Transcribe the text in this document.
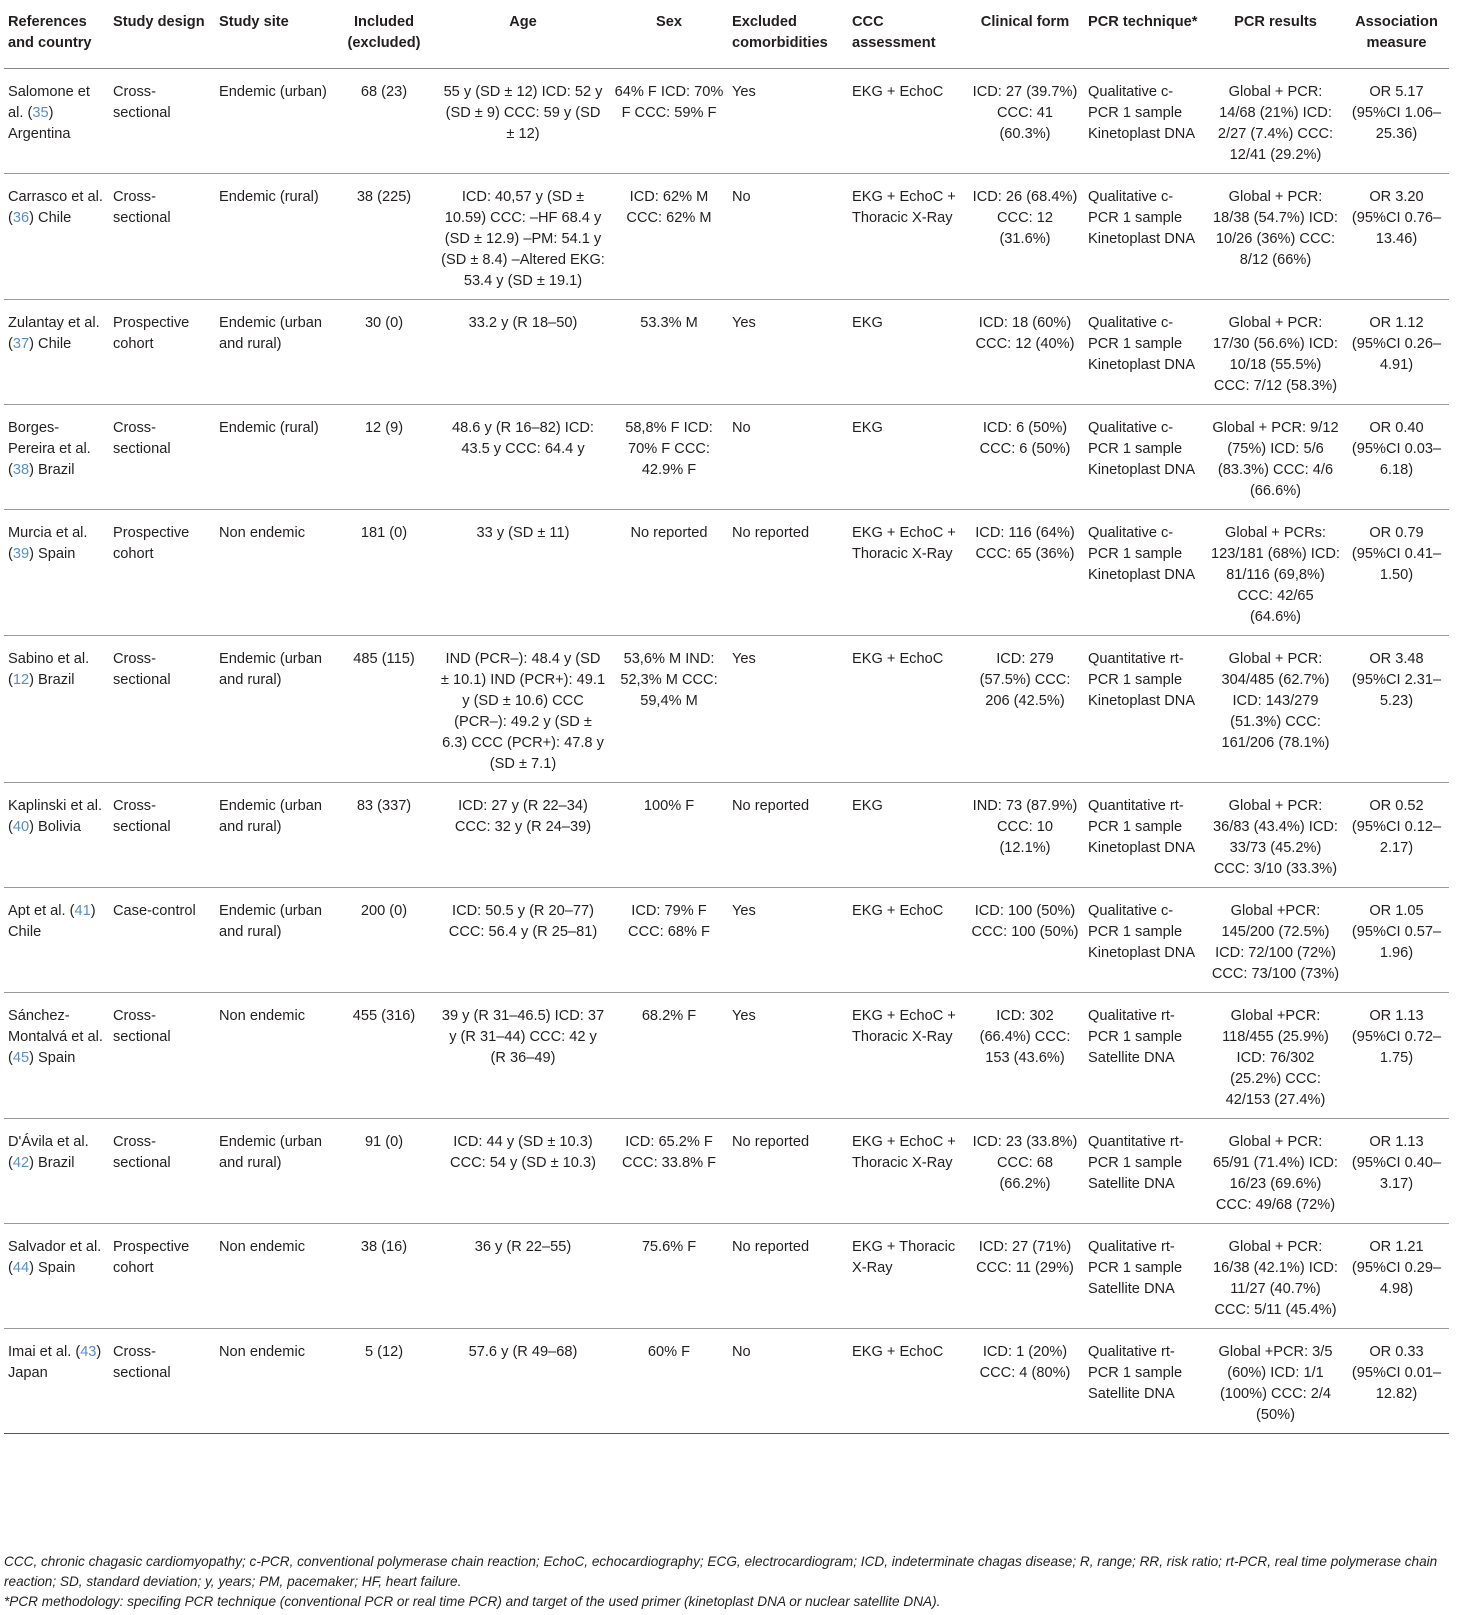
References and country	Study design	Study site	Included (excluded)	Age	Sex	Excluded comorbidities	CCC assessment	Clinical form	PCR technique*	PCR results	Association measure
Salomone et al. (35) Argentina	Cross-sectional	Endemic (urban)	68 (23)	55 y (SD ± 12) ICD: 52 y (SD ± 9) CCC: 59 y (SD ± 12)	64% F ICD: 70% F CCC: 59% F	Yes	EKG + EchoC	ICD: 27 (39.7%) CCC: 41 (60.3%)	Qualitative c-PCR 1 sample Kinetoplast DNA	Global + PCR: 14/68 (21%) ICD: 2/27 (7.4%) CCC: 12/41 (29.2%)	OR 5.17 (95%CI 1.06–25.36)
Carrasco et al. (36) Chile	Cross-sectional	Endemic (rural)	38 (225)	ICD: 40,57 y (SD ± 10.59) CCC: –HF 68.4 y (SD ± 12.9) –PM: 54.1 y (SD ± 8.4) –Altered EKG: 53.4 y (SD ± 19.1)	ICD: 62% M CCC: 62% M	No	EKG + EchoC + Thoracic X-Ray	ICD: 26 (68.4%) CCC: 12 (31.6%)	Qualitative c-PCR 1 sample Kinetoplast DNA	Global + PCR: 18/38 (54.7%) ICD: 10/26 (36%) CCC: 8/12 (66%)	OR 3.20 (95%CI 0.76–13.46)
Zulantay et al. (37) Chile	Prospective cohort	Endemic (urban and rural)	30 (0)	33.2 y (R 18–50)	53.3% M	Yes	EKG	ICD: 18 (60%) CCC: 12 (40%)	Qualitative c-PCR 1 sample Kinetoplast DNA	Global + PCR: 17/30 (56.6%) ICD: 10/18 (55.5%) CCC: 7/12 (58.3%)	OR 1.12 (95%CI 0.26–4.91)
Borges-Pereira et al. (38) Brazil	Cross-sectional	Endemic (rural)	12 (9)	48.6 y (R 16–82) ICD: 43.5 y CCC: 64.4 y	58,8% F ICD: 70% F CCC: 42.9% F	No	EKG	ICD: 6 (50%) CCC: 6 (50%)	Qualitative c-PCR 1 sample Kinetoplast DNA	Global + PCR: 9/12 (75%) ICD: 5/6 (83.3%) CCC: 4/6 (66.6%)	OR 0.40 (95%CI 0.03–6.18)
Murcia et al. (39) Spain	Prospective cohort	Non endemic	181 (0)	33 y (SD ± 11)	No reported	No reported	EKG + EchoC + Thoracic X-Ray	ICD: 116 (64%) CCC: 65 (36%)	Qualitative c-PCR 1 sample Kinetoplast DNA	Global + PCRs: 123/181 (68%) ICD: 81/116 (69,8%) CCC: 42/65 (64.6%)	OR 0.79 (95%CI 0.41–1.50)
Sabino et al. (12) Brazil	Cross-sectional	Endemic (urban and rural)	485 (115)	IND (PCR–): 48.4 y (SD ± 10.1) IND (PCR+): 49.1 y (SD ± 10.6) CCC (PCR–): 49.2 y (SD ± 6.3) CCC (PCR+): 47.8 y (SD ± 7.1)	53,6% M IND: 52,3% M CCC: 59,4% M	Yes	EKG + EchoC	ICD: 279 (57.5%) CCC: 206 (42.5%)	Quantitative rt-PCR 1 sample Kinetoplast DNA	Global + PCR: 304/485 (62.7%) ICD: 143/279 (51.3%) CCC: 161/206 (78.1%)	OR 3.48 (95%CI 2.31–5.23)
Kaplinski et al. (40) Bolivia	Cross-sectional	Endemic (urban and rural)	83 (337)	ICD: 27 y (R 22–34) CCC: 32 y (R 24–39)	100% F	No reported	EKG	IND: 73 (87.9%) CCC: 10 (12.1%)	Quantitative rt-PCR 1 sample Kinetoplast DNA	Global + PCR: 36/83 (43.4%) ICD: 33/73 (45.2%) CCC: 3/10 (33.3%)	OR 0.52 (95%CI 0.12–2.17)
Apt et al. (41) Chile	Case-control	Endemic (urban and rural)	200 (0)	ICD: 50.5 y (R 20–77) CCC: 56.4 y (R 25–81)	ICD: 79% F CCC: 68% F	Yes	EKG + EchoC	ICD: 100 (50%) CCC: 100 (50%)	Qualitative c-PCR 1 sample Kinetoplast DNA	Global +PCR: 145/200 (72.5%) ICD: 72/100 (72%) CCC: 73/100 (73%)	OR 1.05 (95%CI 0.57–1.96)
Sánchez-Montalvá et al. (45) Spain	Cross-sectional	Non endemic	455 (316)	39 y (R 31–46.5) ICD: 37 y (R 31–44) CCC: 42 y (R 36–49)	68.2% F	Yes	EKG + EchoC + Thoracic X-Ray	ICD: 302 (66.4%) CCC: 153 (43.6%)	Qualitative rt-PCR 1 sample Satellite DNA	Global +PCR: 118/455 (25.9%) ICD: 76/302 (25.2%) CCC: 42/153 (27.4%)	OR 1.13 (95%CI 0.72–1.75)
D'Ávila et al. (42) Brazil	Cross-sectional	Endemic (urban and rural)	91 (0)	ICD: 44 y (SD ± 10.3) CCC: 54 y (SD ± 10.3)	ICD: 65.2% F CCC: 33.8% F	No reported	EKG + EchoC + Thoracic X-Ray	ICD: 23 (33.8%) CCC: 68 (66.2%)	Quantitative rt-PCR 1 sample Satellite DNA	Global + PCR: 65/91 (71.4%) ICD: 16/23 (69.6%) CCC: 49/68 (72%)	OR 1.13 (95%CI 0.40–3.17)
Salvador et al. (44) Spain	Prospective cohort	Non endemic	38 (16)	36 y (R 22–55)	75.6% F	No reported	EKG + Thoracic X-Ray	ICD: 27 (71%) CCC: 11 (29%)	Qualitative rt-PCR 1 sample Satellite DNA	Global + PCR: 16/38 (42.1%) ICD: 11/27 (40.7%) CCC: 5/11 (45.4%)	OR 1.21 (95%CI 0.29–4.98)
Imai et al. (43) Japan	Cross-sectional	Non endemic	5 (12)	57.6 y (R 49–68)	60% F	No	EKG + EchoC	ICD: 1 (20%) CCC: 4 (80%)	Qualitative rt-PCR 1 sample Satellite DNA	Global +PCR: 3/5 (60%) ICD: 1/1 (100%) CCC: 2/4 (50%)	OR 0.33 (95%CI 0.01–12.82)

CCC, chronic chagasic cardiomyopathy; c-PCR, conventional polymerase chain reaction; EchoC, echocardiography; ECG, electrocardiogram; ICD, indeterminate chagas disease; R, range; RR, risk ratio; rt-PCR, real time polymerase chain reaction; SD, standard deviation; y, years; PM, pacemaker; HF, heart failure.

*PCR methodology: specifing PCR technique (conventional PCR or real time PCR) and target of the used primer (kinetoplast DNA or nuclear satellite DNA).
